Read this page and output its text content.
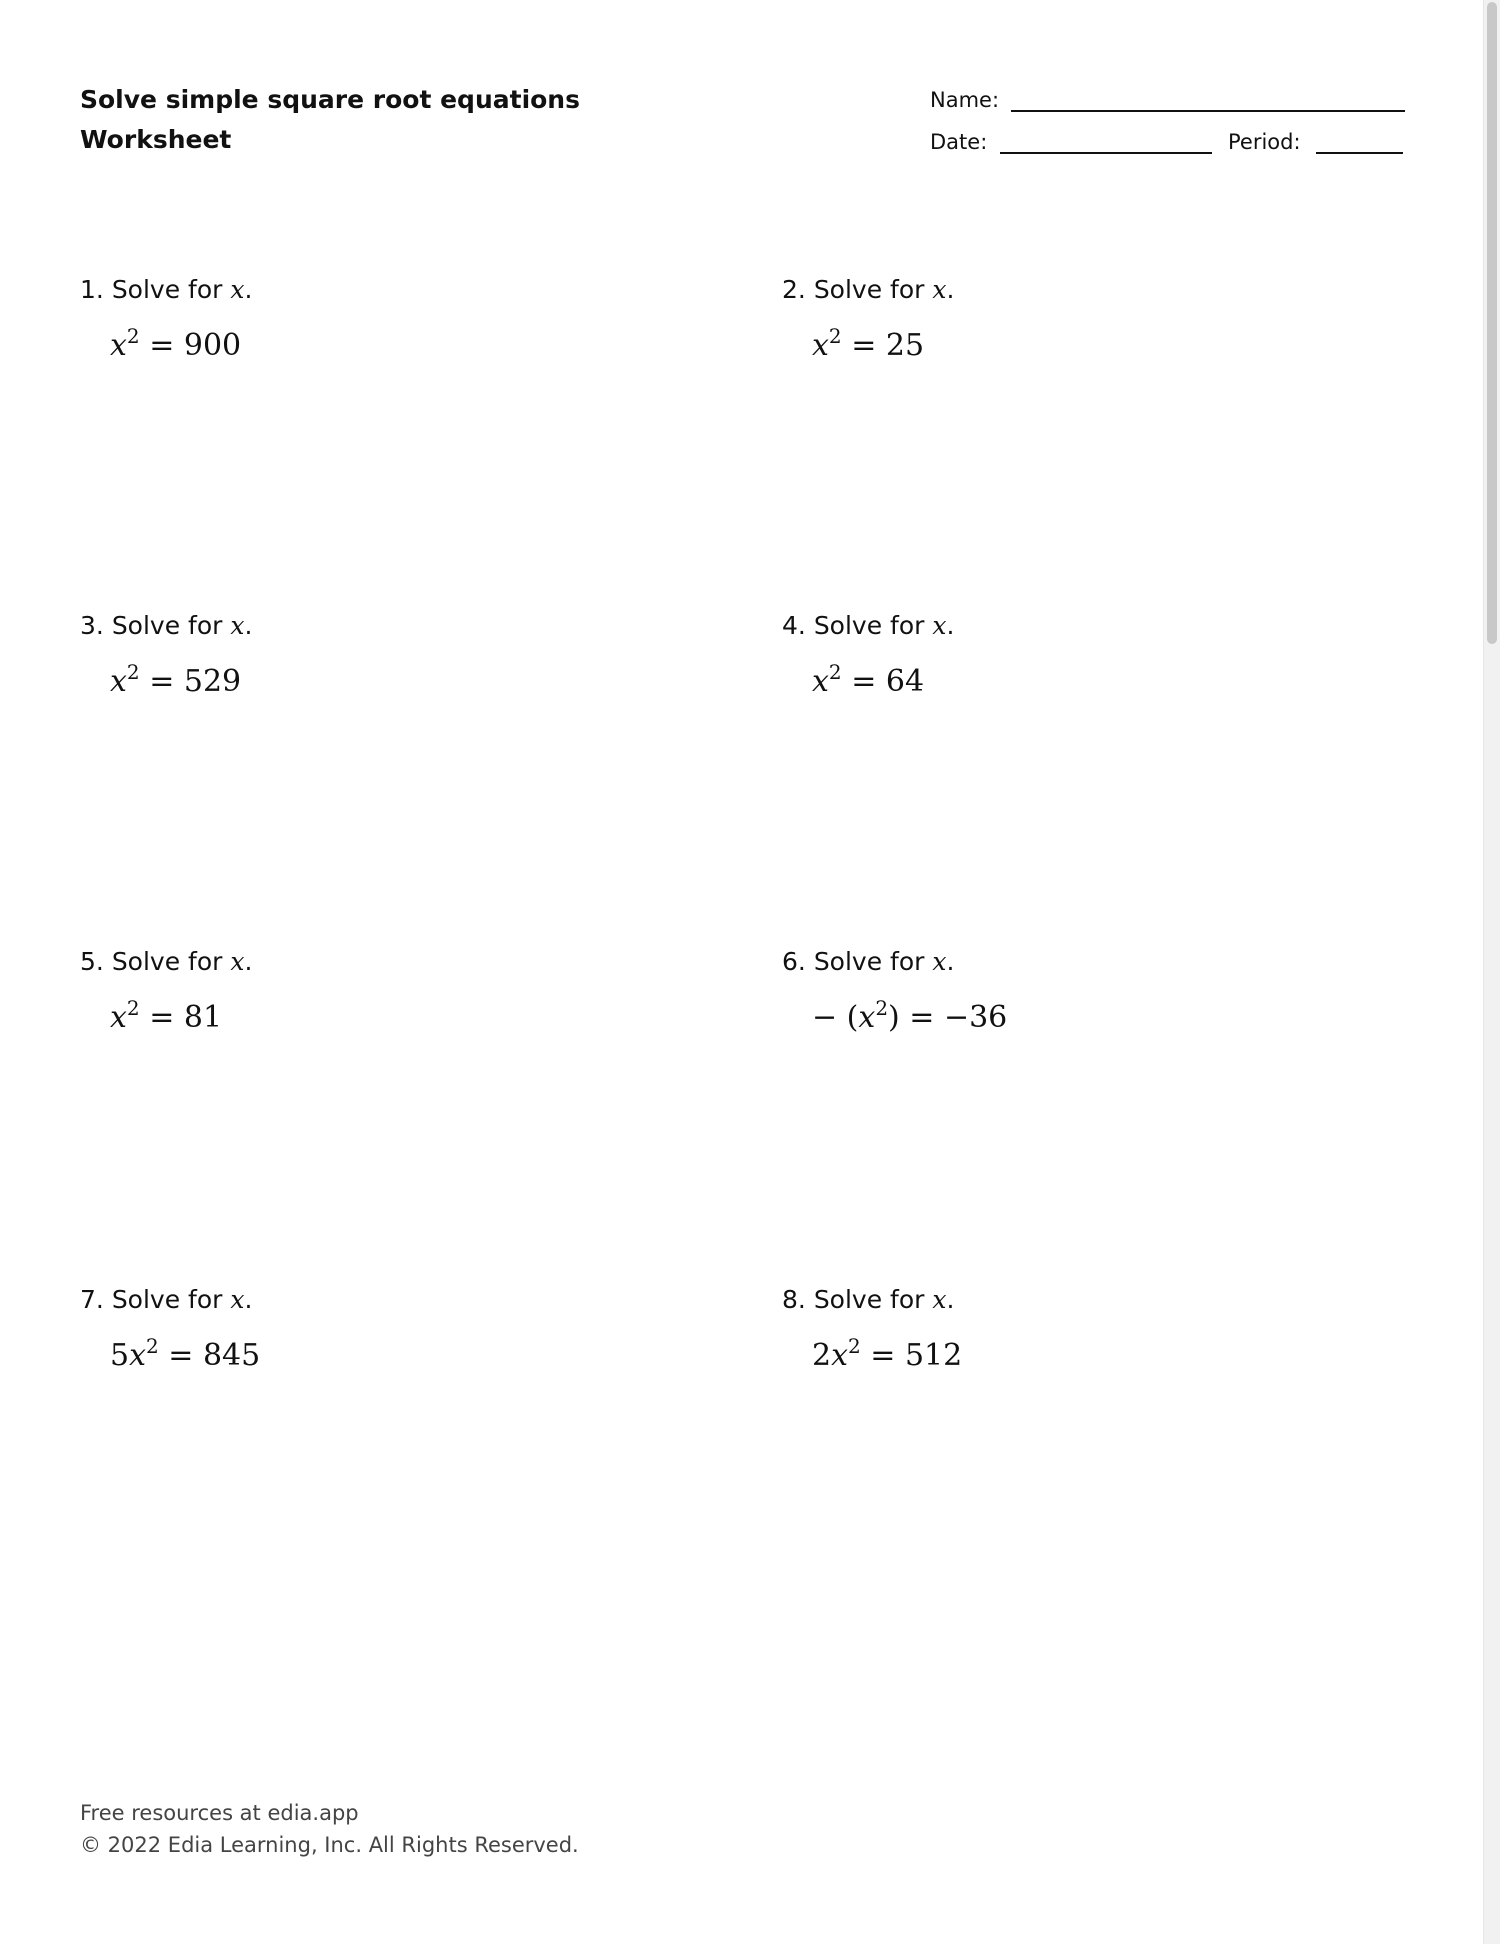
Solve simple square root equations
Worksheet
Name:
Date:	Period:
1. Solve for x.
$x^2 = 900$
2. Solve for x.
$x^2 = 25$
3. Solve for x.
$x^2 = 529$
4. Solve for x.
$x^2 = 64$
5. Solve for x.
$x^2 = 81$
6. Solve for x.
− $(x^2) = -36$
7. Solve for x.
$5x^2 = 845$
8. Solve for x.
$2x^2 = 512$
Free resources at edia.app
© 2022 Edia Learning, Inc. All Rights Reserved.
